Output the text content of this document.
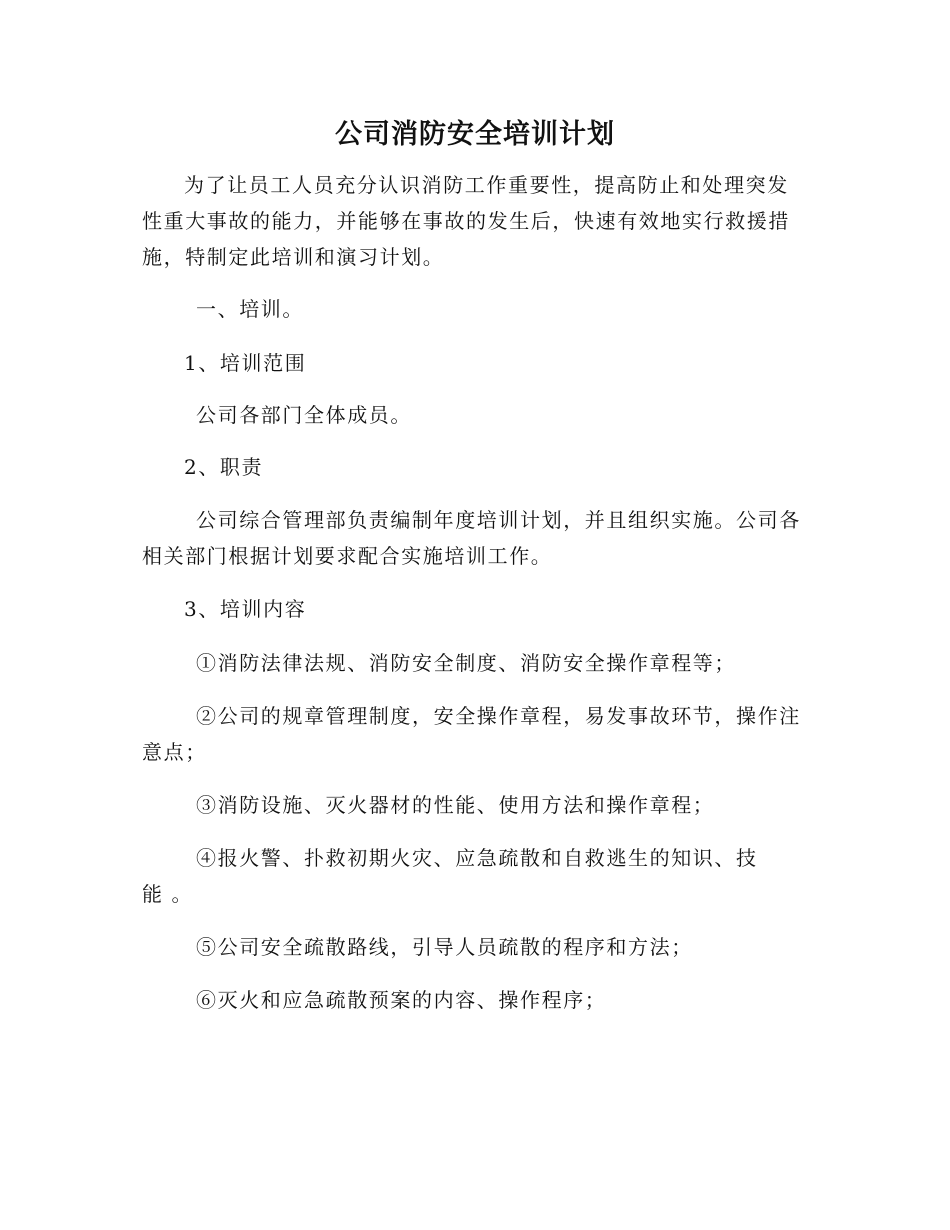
公司消防安全培训计划
为了让员工人员充分认识消防工作重要性，提高防止和处理突发
性重大事故的能力，并能够在事故的发生后，快速有效地实行救援措
施，特制定此培训和演习计划。
一、培训。
1、培训范围
公司各部门全体成员。
2、职责
公司综合管理部负责编制年度培训计划，并且组织实施。公司各
相关部门根据计划要求配合实施培训工作。
3、培训内容
①消防法律法规、消防安全制度、消防安全操作章程等；
②公司的规章管理制度，安全操作章程，易发事故环节，操作注
意点；
③消防设施、灭火器材的性能、使用方法和操作章程；
④报火警、扑救初期火灾、应急疏散和自救逃生的知识、技
能 。
⑤公司安全疏散路线，引导人员疏散的程序和方法；
⑥灭火和应急疏散预案的内容、操作程序；
